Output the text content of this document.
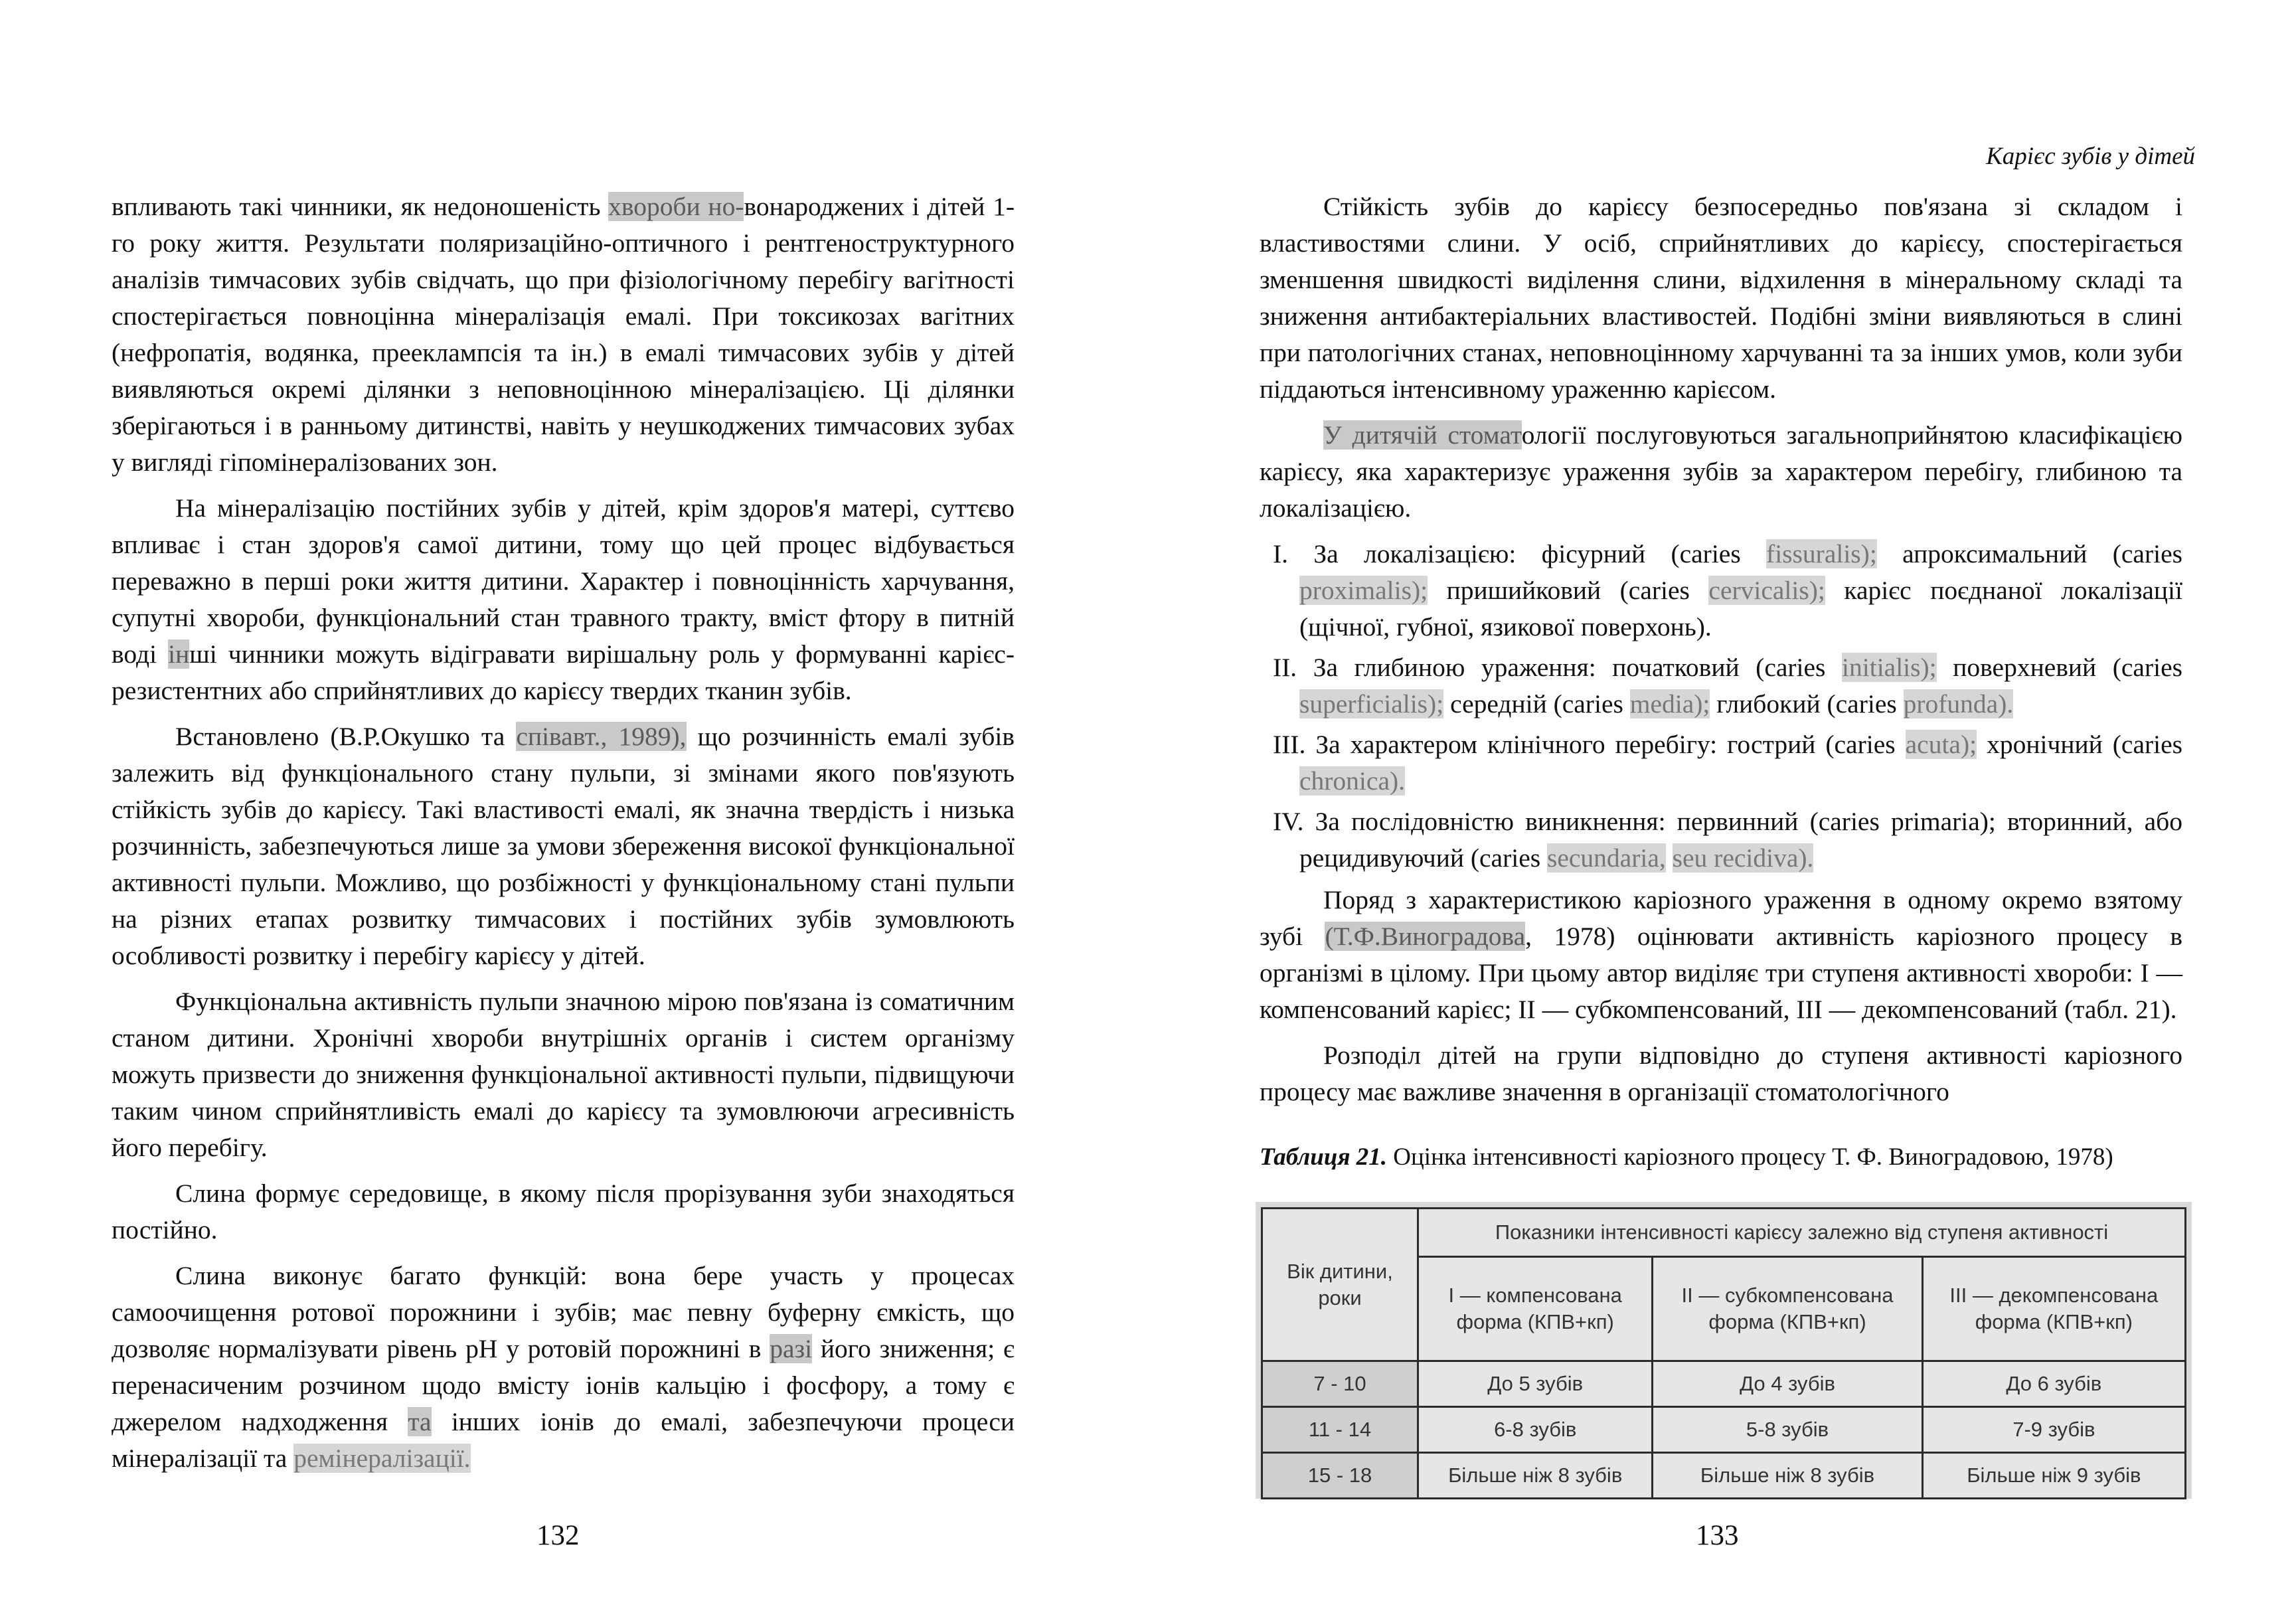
впливають такі чинники, як недоношеність хвороби но-вонароджених і дітей 1-го року життя. Результати поляризаційно-оптичного і рентгеноструктурного аналізів тимчасових зубів свідчать, що при фізіологічному перебігу вагітності спостерігається повноцінна мінералізація емалі. При токсикозах вагітних (нефропатія, водянка, прееклампсія та ін.) в емалі тимчасових зубів у дітей виявляються окремі ділянки з неповноцінною мінералізацією. Ці ділянки зберігаються і в ранньому дитинстві, навіть у неушкоджених тимчасових зубах у вигляді гіпомінералізованих зон.

На мінералізацію постійних зубів у дітей, крім здоров'я матері, суттєво впливає і стан здоров'я самої дитини, тому що цей процес відбувається переважно в перші роки життя дитини. Характер і повноцінність харчування, супутні хвороби, функціональний стан травного тракту, вміст фтору в питній воді інші чинники можуть відігравати вирішальну роль у формуванні карієс-резистентних або сприйнятливих до карієсу твердих тканин зубів.

Встановлено (В.Р.Окушко та співавт., 1989), що розчинність емалі зубів залежить від функціонального стану пульпи, зі змінами якого пов'язують стійкість зубів до карієсу. Такі властивості емалі, як значна твердість і низька розчинність, забезпечуються лише за умови збереження високої функціональної активності пульпи. Можливо, що розбіжності у функціональному стані пульпи на різних етапах розвитку тимчасових і постійних зубів зумовлюють особливості розвитку і перебігу карієсу у дітей.

Функціональна активність пульпи значною мірою пов'язана із соматичним станом дитини. Хронічні хвороби внутрішніх органів і систем організму можуть призвести до зниження функціональної активності пульпи, підвищуючи таким чином сприйнятливість емалі до карієсу та зумовлюючи агресивність його перебігу.

Слина формує середовище, в якому після прорізування зуби знаходяться постійно.

Слина виконує багато функцій: вона бере участь у процесах самоочищення ротової порожнини і зубів; має певну буферну ємкість, що дозволяє нормалізувати рівень pH у ротовій порожнині в разі його зниження; є перенасиченим розчином щодо вмісту іонів кальцію і фосфору, а тому є джерелом надходження та інших іонів до емалі, забезпечуючи процеси мінералізації та ремінералізації.

132
Карієс зубів у дітей

Стійкість зубів до карієсу безпосередньо пов'язана зі складом і властивостями слини. У осіб, сприйнятливих до карієсу, спостерігається зменшення швидкості виділення слини, відхилення в мінеральному складі та зниження антибактеріальних властивостей. Подібні зміни виявляються в слині при патологічних станах, неповноцінному харчуванні та за інших умов, коли зуби піддаються інтенсивному ураженню карієсом.

У дитячій стоматології послуговуються загальноприйнятою класифікацією карієсу, яка характеризує ураження зубів за характером перебігу, глибиною та локалізацією.

І. За локалізацією: фісурний (caries fissuralis); апроксимальний (caries proximalis); пришийковий (caries cervicalis); карієс поєднаної локалізації (щічної, губної, язикової поверхонь).
II. За глибиною ураження: початковий (caries initialis); поверхневий (caries superficialis); середній (caries media); глибокий (caries profunda).
III. За характером клінічного перебігу: гострий (caries acuta); хронічний (caries chronica).
IV. За послідовністю виникнення: первинний (caries primaria); вторинний, або рецидивуючий (caries secundaria, seu recidiva).

Поряд з характеристикою каріозного ураження в одному окремо взятому зубі (Т.Ф.Виноградова, 1978) оцінювати активність каріозного процесу в організмі в цілому. При цьому автор виділяє три ступеня активності хвороби: I — компенсований карієс; II — субкомпенсований, III — декомпенсований (табл. 21).

Розподіл дітей на групи відповідно до ступеня активності каріозного процесу має важливе значення в організації стоматологічного

Таблиця 21. Оцінка інтенсивності каріозного процесу Т. Ф. Виноградовою, 1978)
Вік дитини, роки	Показники інтенсивності карієсу залежно від ступеня активності		
	I — компенсована форма (КПВ+кп)	II — субкомпенсована форма (КПВ+кп)	III — декомпенсована форма (КПВ+кп)
7 - 10	До 5 зубів	До 4 зубів	До 6 зубів
11 - 14	6-8 зубів	5-8 зубів	7-9 зубів
15 - 18	Більше ніж 8 зубів	Більше ніж 8 зубів	Більше ніж 9 зубів
133
